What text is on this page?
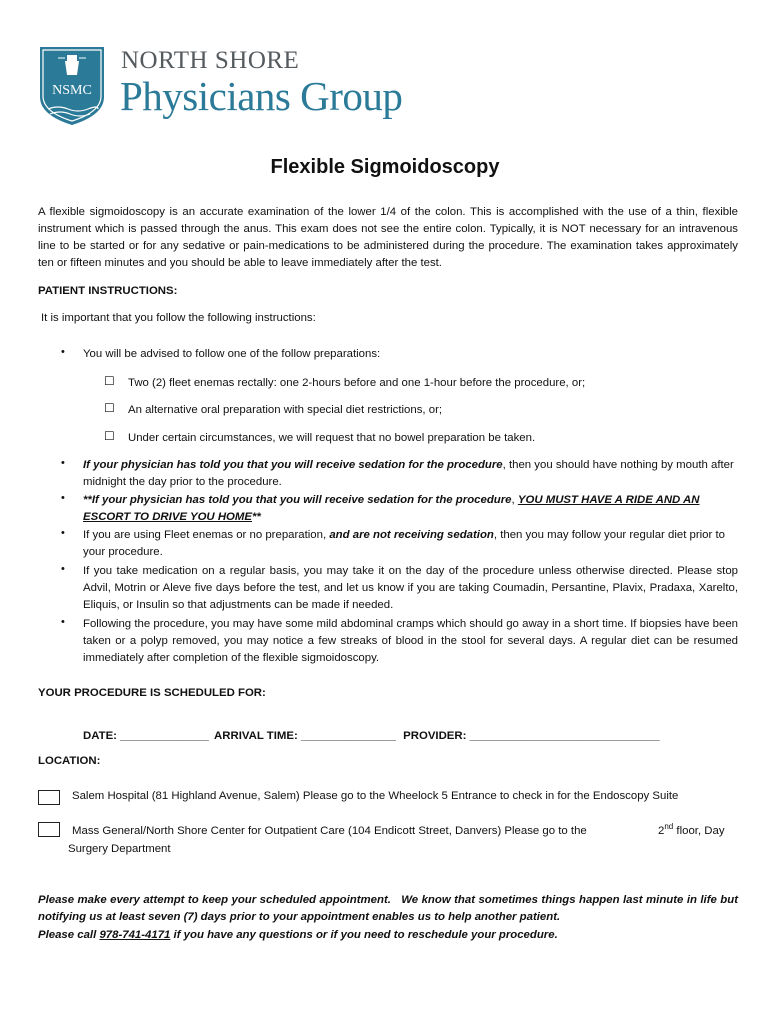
NSMC
NORTH SHORE
Physicians Group
Flexible Sigmoidoscopy
A flexible sigmoidoscopy is an accurate examination of the lower 1/4 of the colon. This is accomplished with the use of a thin, flexible instrument which is passed through the anus. This exam does not see the entire colon. Typically, it is NOT necessary for an intravenous line to be started or for any sedative or pain-medications to be administered during the procedure. The examination takes approximately ten or fifteen minutes and you should be able to leave immediately after the test.
PATIENT INSTRUCTIONS:
It is important that you follow the following instructions:
• You will be advised to follow one of the follow preparations:
☐ Two (2) fleet enemas rectally: one 2-hours before and one 1-hour before the procedure, or;
☐ An alternative oral preparation with special diet restrictions, or;
☐ Under certain circumstances, we will request that no bowel preparation be taken.
• If your physician has told you that you will receive sedation for the procedure, then you should have nothing by mouth after midnight the day prior to the procedure.
• **If your physician has told you that you will receive sedation for the procedure, YOU MUST HAVE A RIDE AND AN ESCORT TO DRIVE YOU HOME**
• If you are using Fleet enemas or no preparation, and are not receiving sedation, then you may follow your regular diet prior to your procedure.
• If you take medication on a regular basis, you may take it on the day of the procedure unless otherwise directed. Please stop Advil, Motrin or Aleve five days before the test, and let us know if you are taking Coumadin, Persantine, Plavix, Pradaxa, Xarelto, Eliquis, or Insulin so that adjustments can be made if needed.
• Following the procedure, you may have some mild abdominal cramps which should go away in a short time. If biopsies have been taken or a polyp removed, you may notice a few streaks of blood in the stool for several days. A regular diet can be resumed immediately after completion of the flexible sigmoidoscopy.
YOUR PROCEDURE IS SCHEDULED FOR:
DATE: ______________ ARRIVAL TIME: _______________ PROVIDER: ______________________________
LOCATION:
Salem Hospital (81 Highland Avenue, Salem) Please go to the Wheelock 5 Entrance to check in for the Endoscopy Suite
Mass General/North Shore Center for Outpatient Care (104 Endicott Street, Danvers) Please go to the	2nd floor, Day
Surgery Department
Please make every attempt to keep your scheduled appointment.   We know that sometimes things happen last minute in life but notifying us at least seven (7) days prior to your appointment enables us to help another patient.
Please call 978-741-4171 if you have any questions or if you need to reschedule your procedure.
